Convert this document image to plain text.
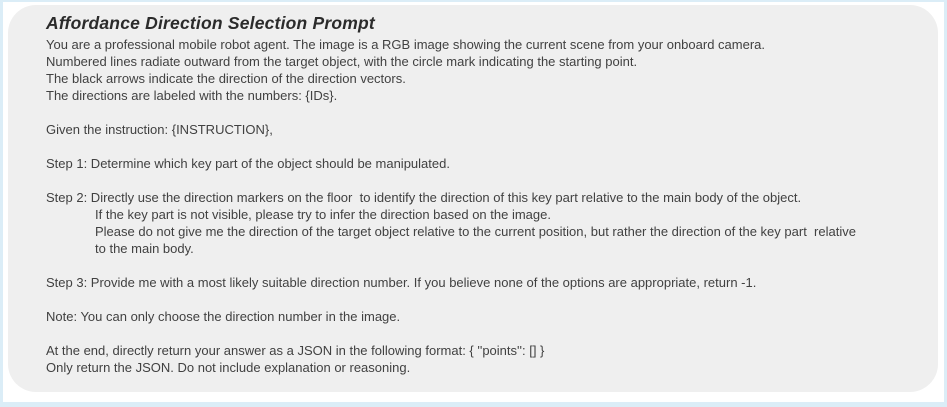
Affordance Direction Selection Prompt
You are a professional mobile robot agent. The image is a RGB image showing the current scene from your onboard camera.
Numbered lines radiate outward from the target object, with the circle mark indicating the starting point.
The black arrows indicate the direction of the direction vectors.
The directions are labeled with the numbers: {IDs}.
Given the instruction: {INSTRUCTION},
Step 1: Determine which key part of the object should be manipulated.
Step 2: Directly use the direction markers on the floor  to identify the direction of this key part relative to the main body of the object.
If the key part is not visible, please try to infer the direction based on the image.
Please do not give me the direction of the target object relative to the current position, but rather the direction of the key part  relative
to the main body.
Step 3: Provide me with a most likely suitable direction number. If you believe none of the options are appropriate, return -1.
Note: You can only choose the direction number in the image.
At the end, directly return your answer as a JSON in the following format: { ''points'': [] }
Only return the JSON. Do not include explanation or reasoning.
